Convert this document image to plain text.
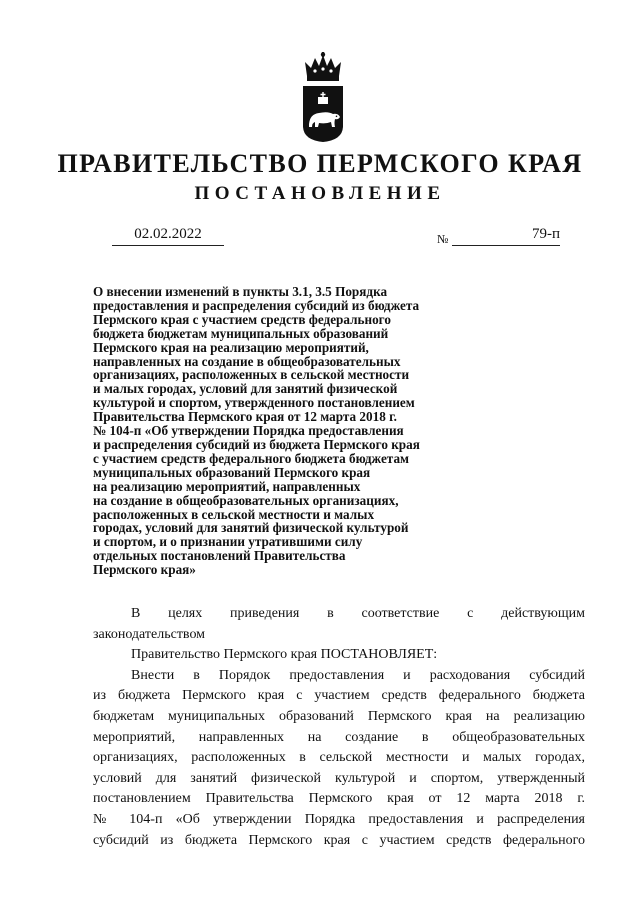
ПРАВИТЕЛЬСТВО ПЕРМСКОГО КРАЯ
ПОСТАНОВЛЕНИЕ
02.02.2022	№	79-п
О внесении изменений в пункты 3.1, 3.5 Порядка
предоставления и распределения субсидий из бюджета
Пермского края с участием средств федерального
бюджета бюджетам муниципальных образований
Пермского края на реализацию мероприятий,
направленных на создание в общеобразовательных
организациях, расположенных в сельской местности
и малых городах, условий для занятий физической
культурой и спортом, утвержденного постановлением
Правительства Пермского края от 12 марта 2018 г.
№ 104-п «Об утверждении Порядка предоставления
и распределения субсидий из бюджета Пермского края
с участием средств федерального бюджета бюджетам
муниципальных образований Пермского края
на реализацию мероприятий, направленных
на создание в общеобразовательных организациях,
расположенных в сельской местности и малых
городах, условий для занятий физической культурой
и спортом, и о признании утратившими силу
отдельных постановлений Правительства
Пермского края»
В целях приведения в соответствие с действующим
законодательством
Правительство Пермского края ПОСТАНОВЛЯЕТ:
Внести в Порядок предоставления и расходования субсидий
из бюджета Пермского края с участием средств федерального бюджета
бюджетам муниципальных образований Пермского края на реализацию
мероприятий, направленных на создание в общеобразовательных
организациях, расположенных в сельской местности и малых городах,
условий для занятий физической культурой и спортом, утвержденный
постановлением Правительства Пермского края от 12 марта 2018 г.
№ 104-п «Об утверждении Порядка предоставления и распределения
субсидий из бюджета Пермского края с участием средств федерального
